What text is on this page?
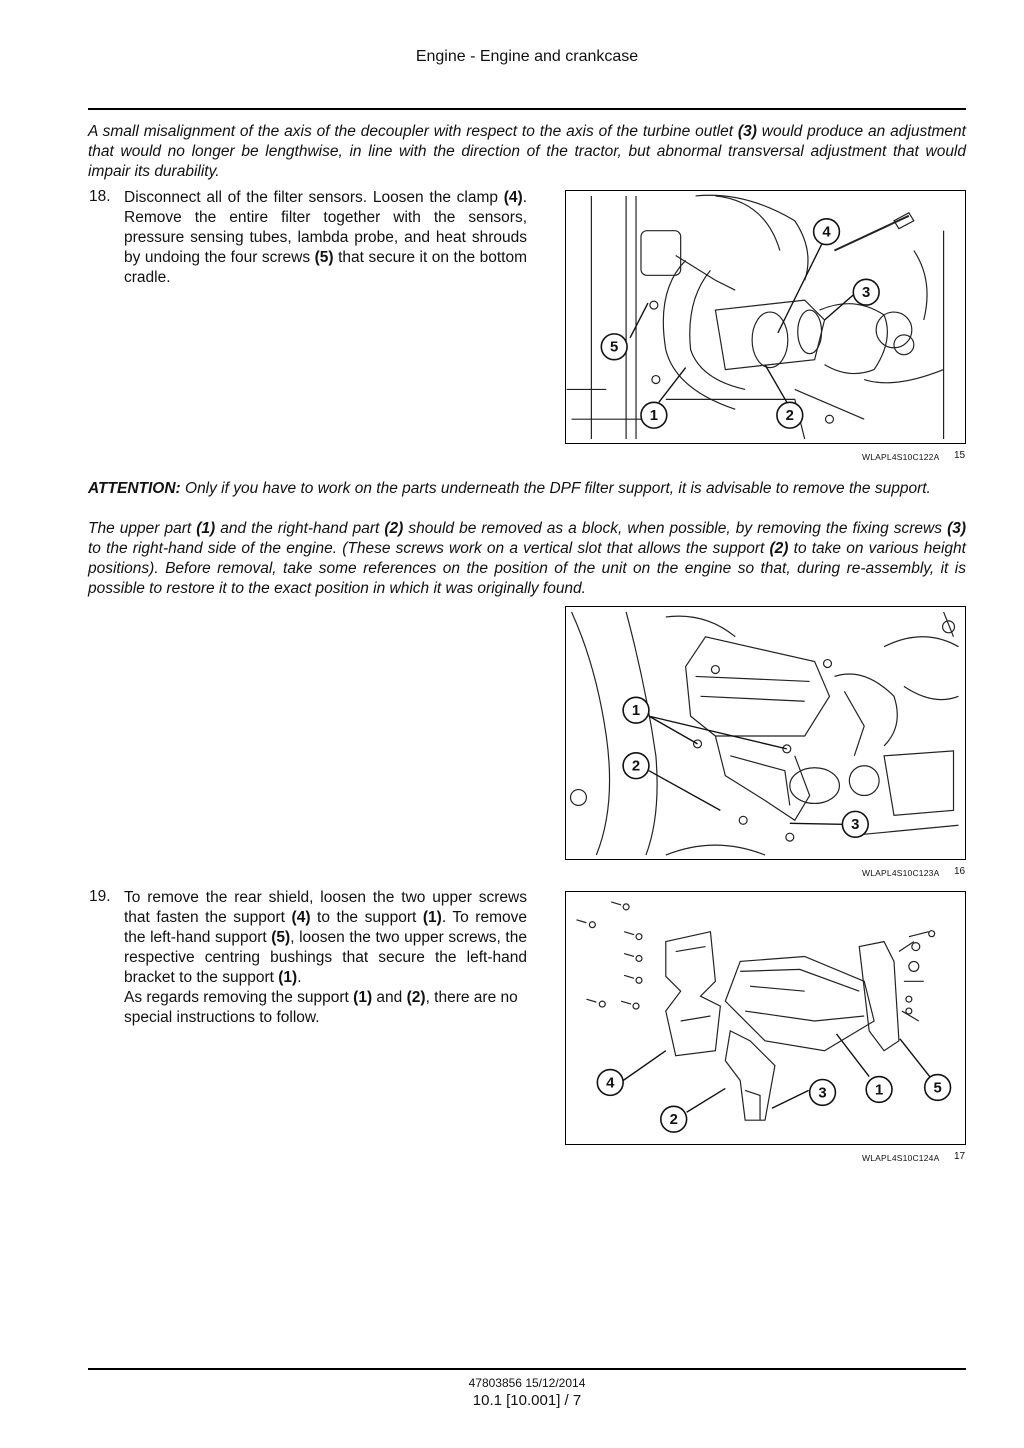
Engine - Engine and crankcase
A small misalignment of the axis of the decoupler with respect to the axis of the turbine outlet (3) would produce an adjustment that would no longer be lengthwise, in line with the direction of the tractor, but abnormal transversal adjustment that would impair its durability.
18. Disconnect all of the filter sensors. Loosen the clamp (4). Remove the entire filter together with the sensors, pressure sensing tubes, lambda probe, and heat shrouds by undoing the four screws (5) that secure it on the bottom cradle.
4
3
5
1	2
WLAPL4S10C122A 15
ATTENTION: Only if you have to work on the parts underneath the DPF filter support, it is advisable to remove the support.
The upper part (1) and the right-hand part (2) should be removed as a block, when possible, by removing the fixing screws (3) to the right-hand side of the engine. (These screws work on a vertical slot that allows the support (2) to take on various height positions). Before removal, take some references on the position of the unit on the engine so that, during re-assembly, it is possible to restore it to the exact position in which it was originally found.
1
2
3
WLAPL4S10C123A 16
19. To remove the rear shield, loosen the two upper screws that fasten the support (4) to the support (1). To remove the left-hand support (5), loosen the two upper screws, the respective centring bushings that secure the left-hand bracket to the support (1).
As regards removing the support (1) and (2), there are no special instructions to follow.
4
2
3	1	5
WLAPL4S10C124A 17
47803856 15/12/2014
10.1 [10.001] / 7
